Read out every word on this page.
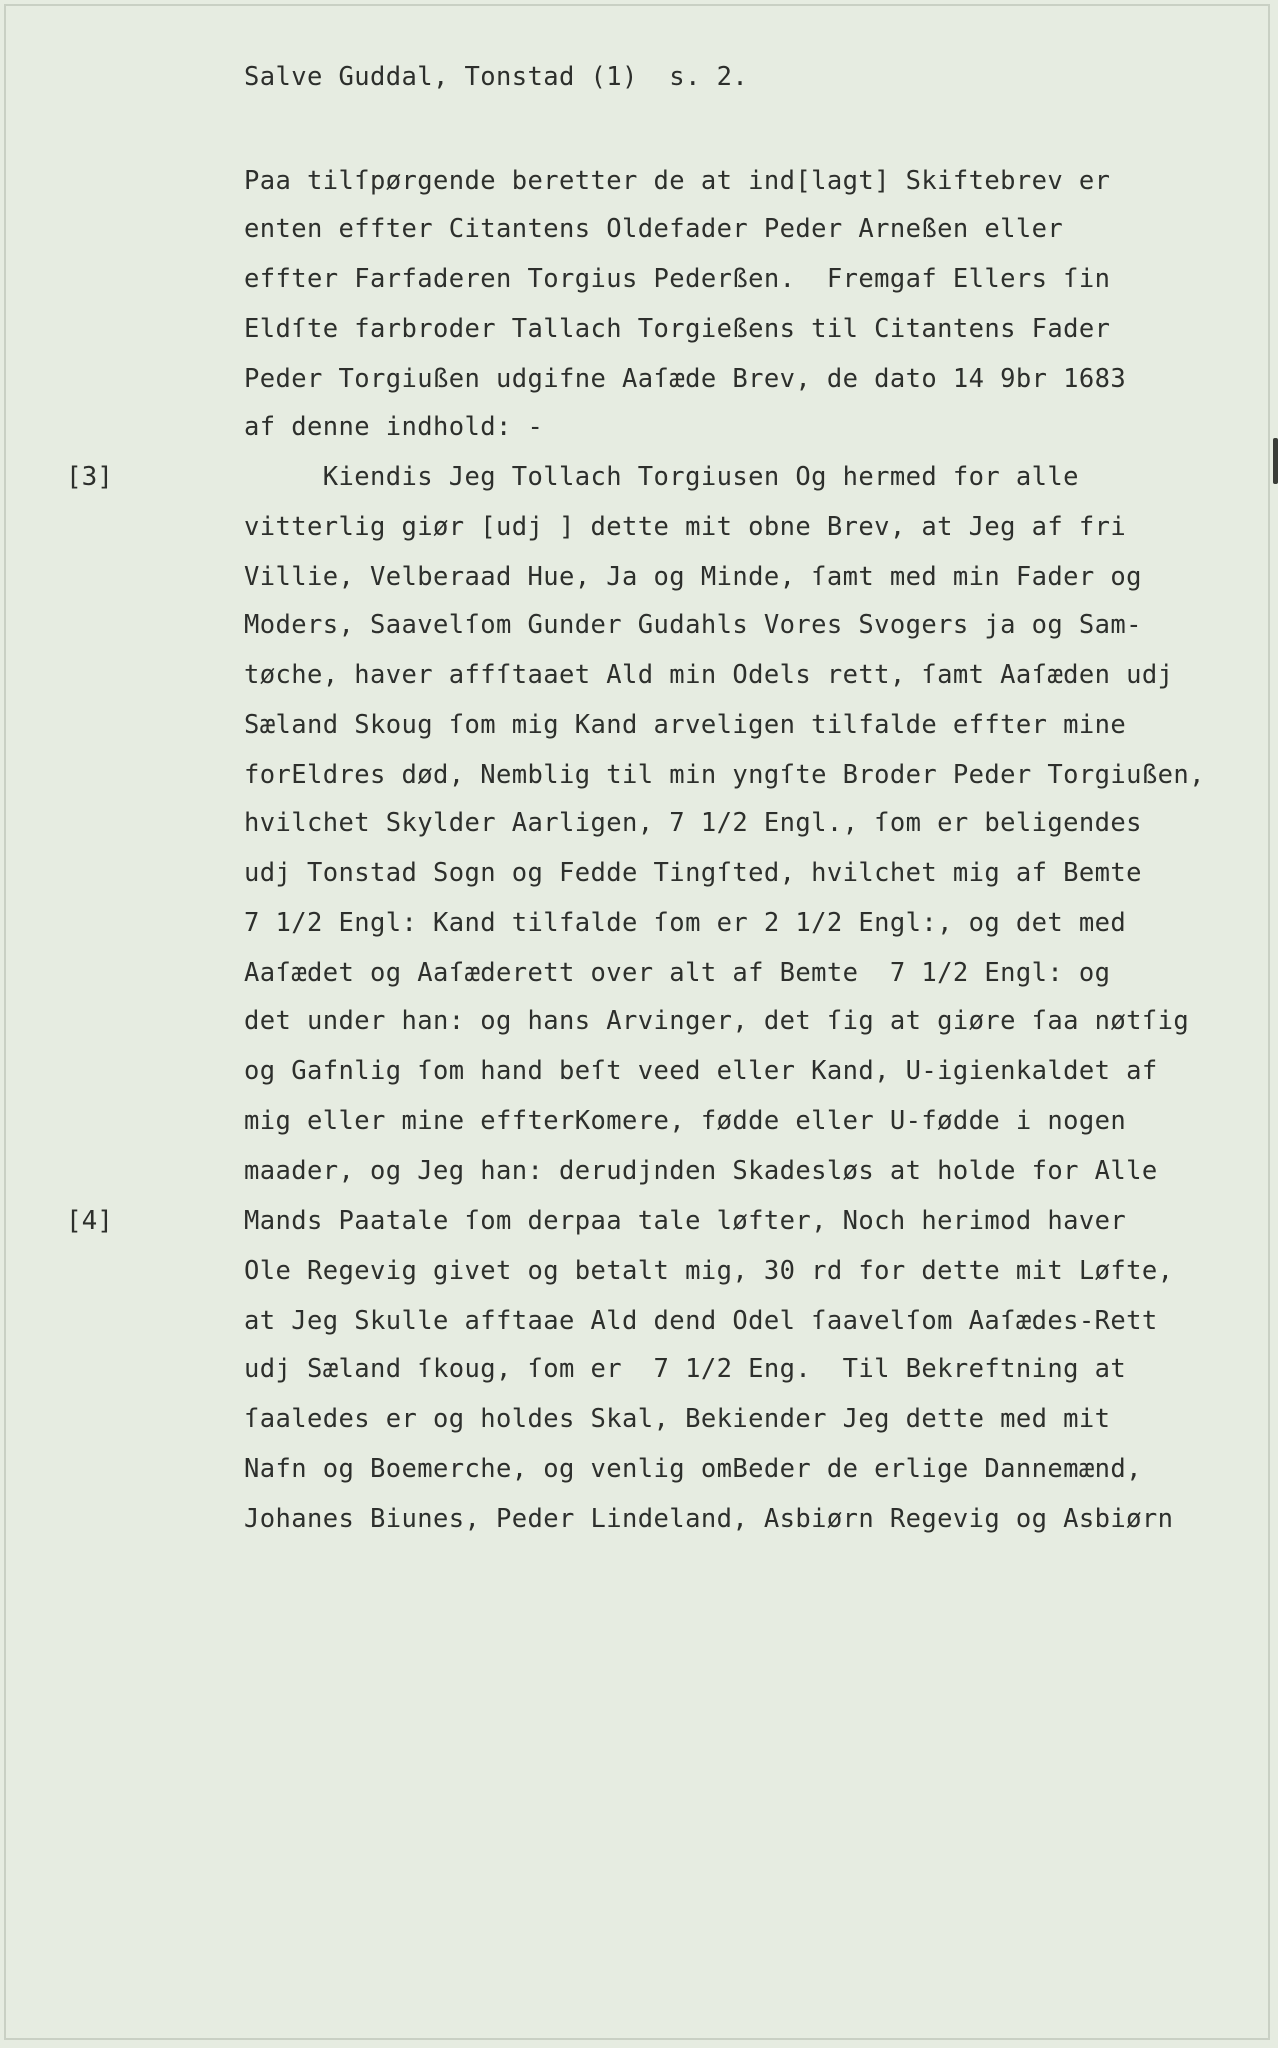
Salve Guddal, Tonstad (1)  s. 2.
Paa tilſpørgende beretter de at ind[lagt] Skiftebrev er
enten effter Citantens Oldefader Peder Arneßen eller
effter Farfaderen Torgius Pederßen.  Fremgaf Ellers ſin
Eldſte farbroder Tallach Torgießens til Citantens Fader
Peder Torgiußen udgifne Aaſæde Brev, de dato 14 9br 1683
af denne indhold: -
[3]	Kiendis Jeg Tollach Torgiusen Og hermed for alle
vitterlig giør [udj ] dette mit obne Brev, at Jeg af fri
Villie, Velberaad Hue, Ja og Minde, ſamt med min Fader og
Moders, Saavelſom Gunder Gudahls Vores Svogers ja og Sam-
tøche, haver affſtaaet Ald min Odels rett, ſamt Aaſæden udj
Sæland Skoug ſom mig Kand arveligen tilfalde effter mine
forEldres død, Nemblig til min yngſte Broder Peder Torgiußen,
hvilchet Skylder Aarligen, 7 1/2 Engl., ſom er beligendes
udj Tonstad Sogn og Fedde Tingſted, hvilchet mig af Bemte
7 1/2 Engl: Kand tilfalde ſom er 2 1/2 Engl:, og det med
Aaſædet og Aaſæderett over alt af Bemte  7 1/2 Engl: og
det under han: og hans Arvinger, det ſig at giøre ſaa nøtſig
og Gafnlig ſom hand beſt veed eller Kand, U-igienkaldet af
mig eller mine effterKomere, fødde eller U-fødde i nogen
maader, og Jeg han: derudjnden Skadesløs at holde for Alle
[4]	Mands Paatale ſom derpaa tale løfter, Noch herimod haver
Ole Regevig givet og betalt mig, 30 rd for dette mit Løfte,
at Jeg Skulle afftaae Ald dend Odel ſaavelſom Aaſædes-Rett
udj Sæland ſkoug, ſom er  7 1/2 Eng.  Til Bekreftning at
ſaaledes er og holdes Skal, Bekiender Jeg dette med mit
Nafn og Boemerche, og venlig omBeder de erlige Dannemænd,
Johanes Biunes, Peder Lindeland, Asbiørn Regevig og Asbiørn
